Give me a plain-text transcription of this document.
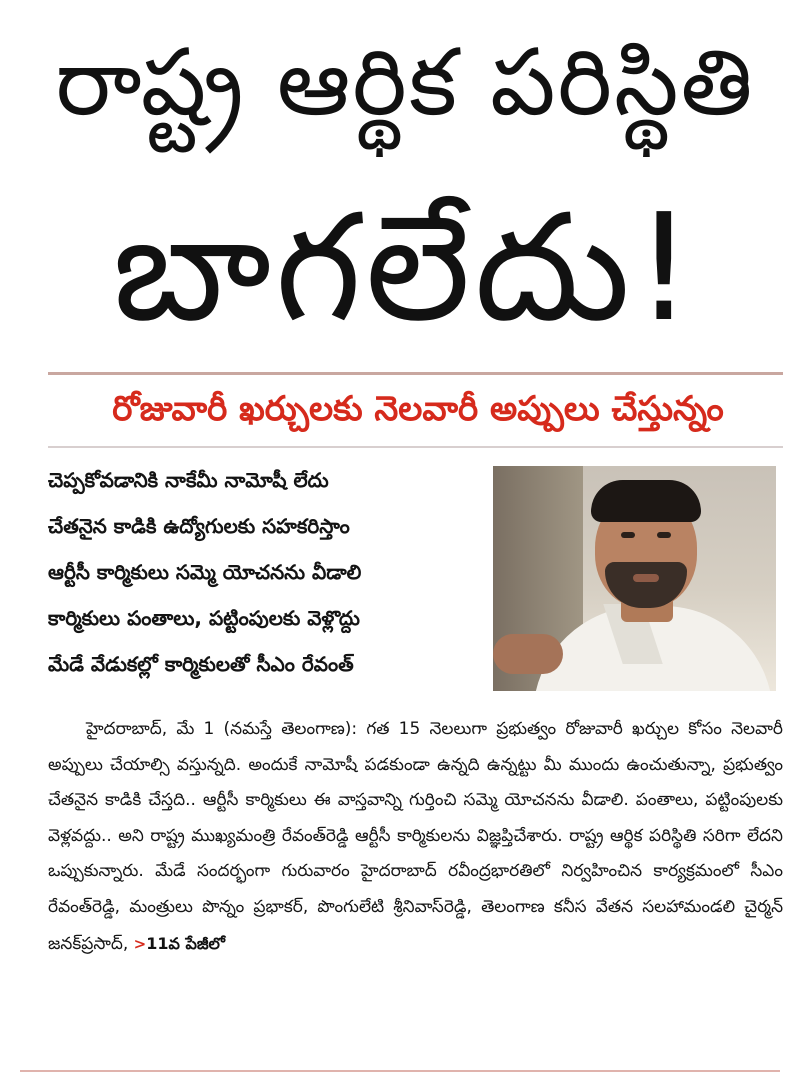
రాష్ట్ర ఆర్థిక పరిస్థితి
బాగలేదు!
రోజువారీ ఖర్చులకు నెలవారీ అప్పులు చేస్తున్నం
చెప్పకోవడానికి నాకేమీ నామోషీ లేదు
చేతనైన కాడికి ఉద్యోగులకు సహకరిస్తాం
ఆర్టీసీ కార్మికులు సమ్మె యోచనను వీడాలి
కార్మికులు పంతాలు, పట్టింపులకు వెళ్లొద్దు
మేడే వేడుకల్లో కార్మికులతో సీఎం రేవంత్

హైదరాబాద్, మే 1 (నమస్తే తెలంగాణ): గత 15 నెలలుగా ప్రభుత్వం రోజువారీ ఖర్చుల కోసం నెలవారీ అప్పులు చేయాల్సి వస్తున్నది. అందుకే నామోషీ పడకుండా ఉన్నది ఉన్నట్టు మీ ముందు ఉంచుతున్నా, ప్రభుత్వం చేతనైన కాడికి చేస్తది.. ఆర్టీసీ కార్మికులు ఈ వాస్తవాన్ని గుర్తించి సమ్మె యోచనను వీడాలి. పంతాలు, పట్టింపులకు వెళ్లవద్దు.. అని రాష్ట్ర ముఖ్యమంత్రి రేవంత్‌రెడ్డి ఆర్టీసీ కార్మికులను విజ్ఞప్తిచేశారు. రాష్ట్ర ఆర్థిక పరిస్థితి సరిగా లేదని ఒప్పుకున్నారు. మేడే సందర్భంగా గురువారం హైదరాబాద్ రవీంద్రభారతిలో నిర్వహించిన కార్యక్రమంలో సీఎం రేవంత్‌రెడ్డి, మంత్రులు పొన్నం ప్రభాకర్, పొంగులేటి శ్రీనివాస్‌రెడ్డి, తెలంగాణ కనీస వేతన సలహామండలి చైర్మన్ జనక్‌ప్రసాద్, >11వ పేజీలో
